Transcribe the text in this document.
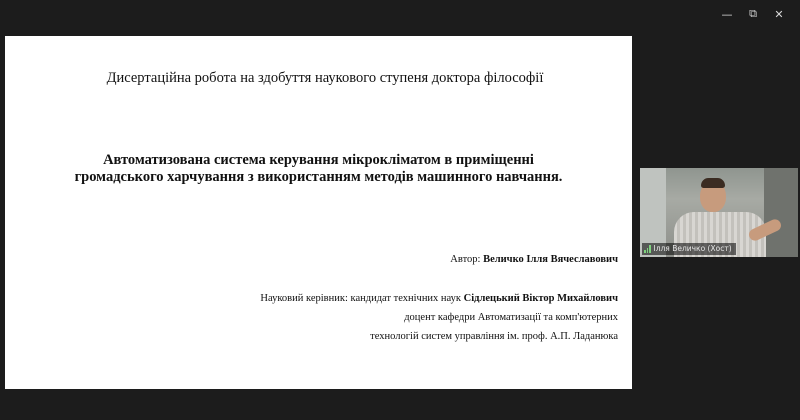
—	⧉	✕
Дисертаційна робота на здобуття наукового ступеня доктора філософії
Автоматизована система керування мікрокліматом в приміщенні громадського харчування з використанням методів машинного навчання.
Автор: Величко Ілля Вячеславович
Науковий керівник: кандидат технічних наук Сідлецький Віктор Михайлович
доцент кафедри Автоматизації та комп'ютерних
технологій систем управління ім. проф. А.П. Ладанюка
Ілля Величко (Хост)
